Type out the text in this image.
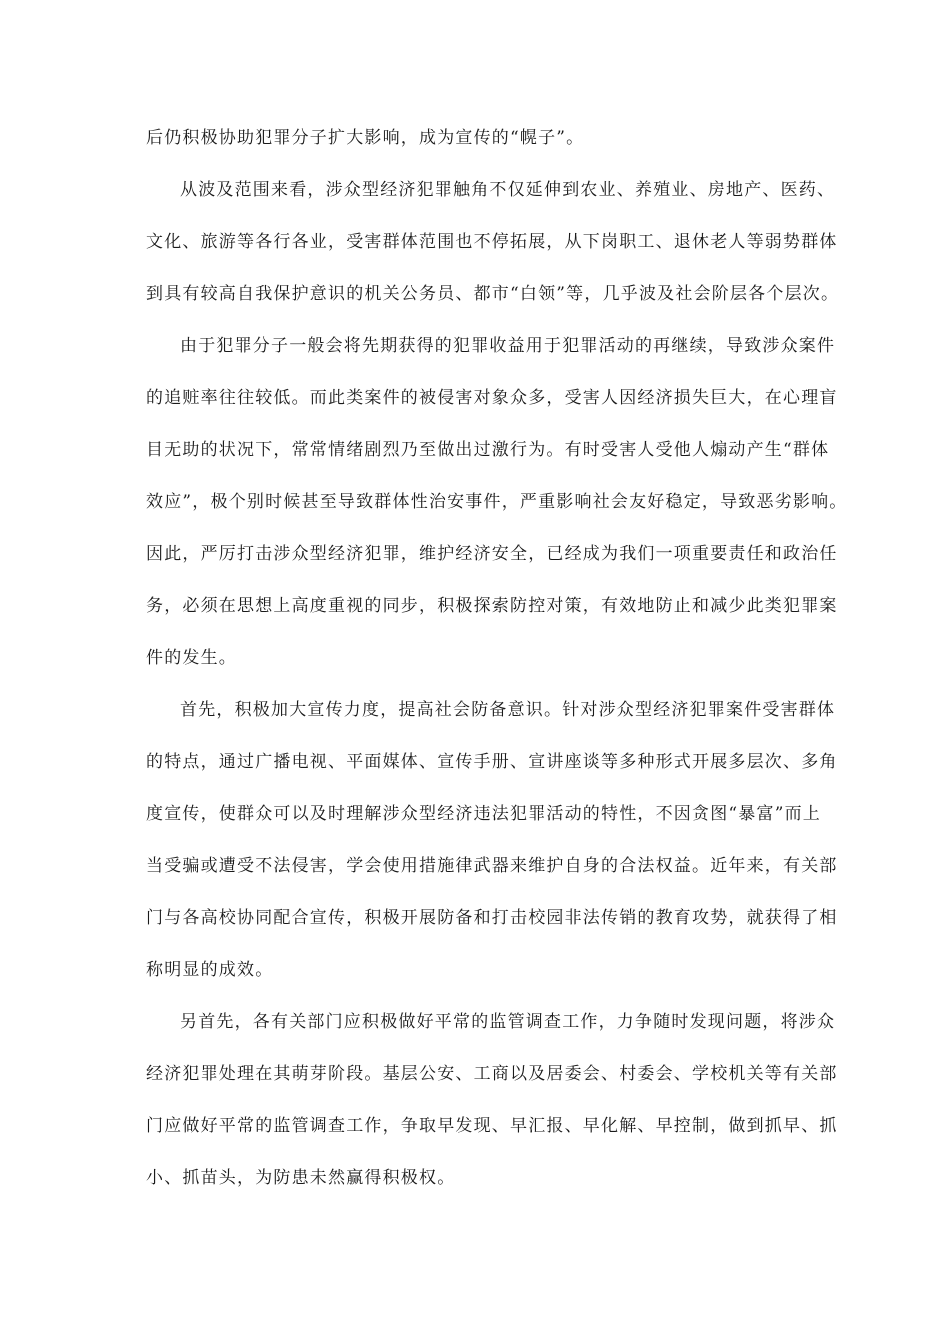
后仍积极协助犯罪分子扩大影响，成为宣传的“幌子”。
从波及范围来看，涉众型经济犯罪触角不仅延伸到农业、养殖业、房地产、医药、
文化、旅游等各行各业，受害群体范围也不停拓展，从下岗职工、退休老人等弱势群体
到具有较高自我保护意识的机关公务员、都市“白领”等，几乎波及社会阶层各个层次。
由于犯罪分子一般会将先期获得的犯罪收益用于犯罪活动的再继续，导致涉众案件
的追赃率往往较低。而此类案件的被侵害对象众多，受害人因经济损失巨大，在心理盲
目无助的状况下，常常情绪剧烈乃至做出过激行为。有时受害人受他人煽动产生“群体
效应”，极个别时候甚至导致群体性治安事件，严重影响社会友好稳定，导致恶劣影响。
因此，严厉打击涉众型经济犯罪，维护经济安全，已经成为我们一项重要责任和政治任
务，必须在思想上高度重视的同步，积极探索防控对策，有效地防止和减少此类犯罪案
件的发生。
首先，积极加大宣传力度，提高社会防备意识。针对涉众型经济犯罪案件受害群体
的特点，通过广播电视、平面媒体、宣传手册、宣讲座谈等多种形式开展多层次、多角
度宣传，使群众可以及时理解涉众型经济违法犯罪活动的特性，不因贪图“暴富”而上
当受骗或遭受不法侵害，学会使用措施律武器来维护自身的合法权益。近年来，有关部
门与各高校协同配合宣传，积极开展防备和打击校园非法传销的教育攻势，就获得了相
称明显的成效。
另首先，各有关部门应积极做好平常的监管调查工作，力争随时发现问题，将涉众
经济犯罪处理在其萌芽阶段。基层公安、工商以及居委会、村委会、学校机关等有关部
门应做好平常的监管调查工作，争取早发现、早汇报、早化解、早控制，做到抓早、抓
小、抓苗头，为防患未然赢得积极权。
